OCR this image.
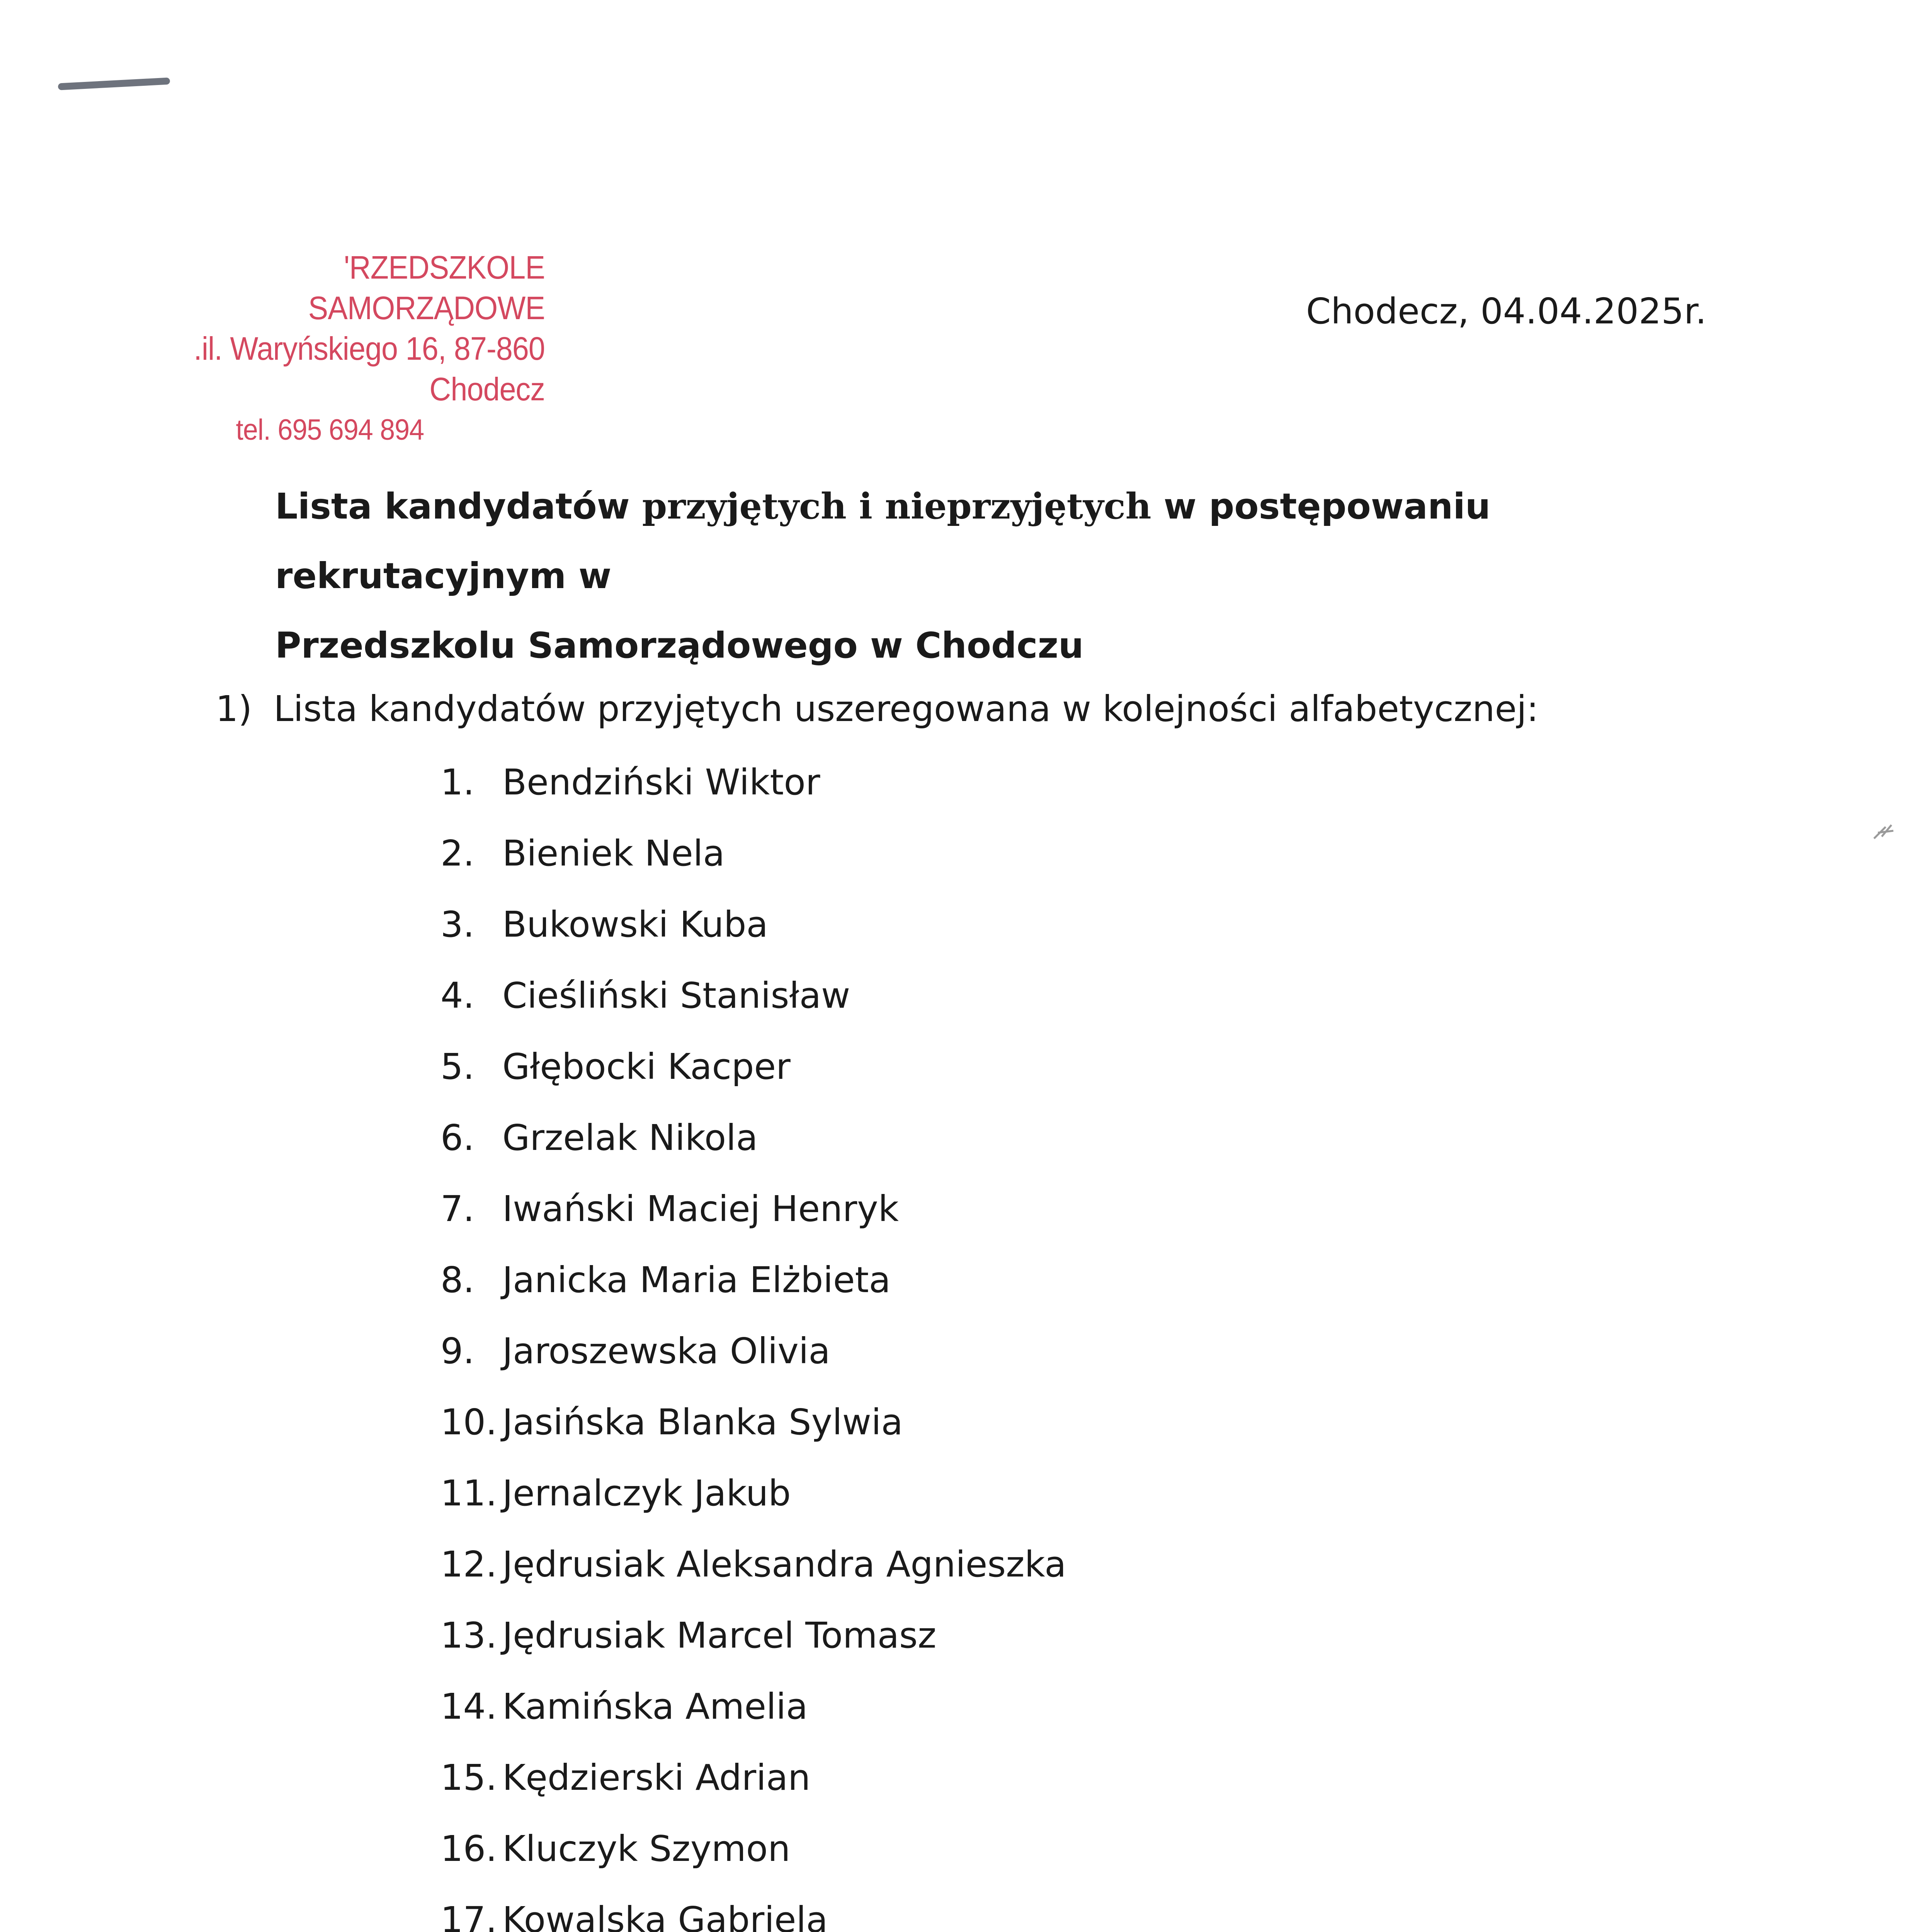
'RZEDSZKOLE SAMORZĄDOWE
.il. Waryńskiego 16, 87-860 Chodecz
tel. 695 694 894
Chodecz, 04.04.2025r.
Lista kandydatów przyjętych i nieprzyjętych w postępowaniu rekrutacyjnym w
Przedszkolu Samorządowego w Chodczu
1) Lista kandydatów przyjętych uszeregowana w kolejności alfabetycznej:
1. Bendziński Wiktor
2. Bieniek Nela
3. Bukowski Kuba
4. Cieśliński Stanisław
5. Głębocki Kacper
6. Grzelak Nikola
7. Iwański Maciej Henryk
8. Janicka Maria Elżbieta
9. Jaroszewska Olivia
10. Jasińska Blanka Sylwia
11. Jernalczyk Jakub
12. Jędrusiak Aleksandra Agnieszka
13. Jędrusiak Marcel Tomasz
14. Kamińska Amelia
15. Kędzierski Adrian
16. Kluczyk Szymon
17. Kowalska Gabriela
